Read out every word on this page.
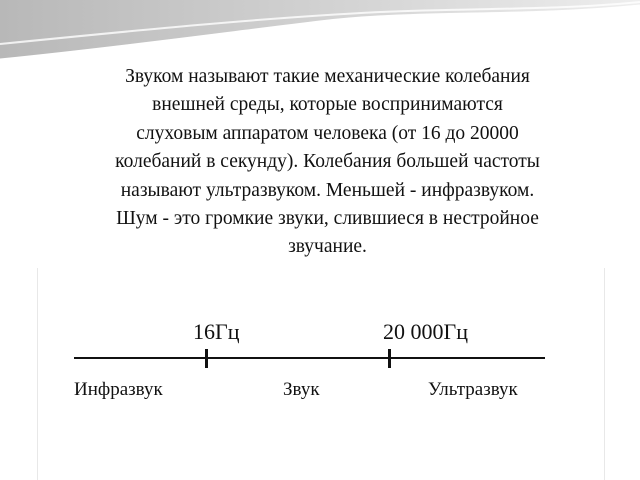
Звуком называют такие механические колебания
внешней среды, которые воспринимаются
слуховым аппаратом человека (от 16 до 20000
колебаний в секунду). Колебания большей частоты
называют ультразвуком. Меньшей - инфразвуком.
Шум - это громкие звуки, слившиеся в нестройное
звучание.

16Гц	20 000Гц
Инфразвук	Звук	Ультразвук
